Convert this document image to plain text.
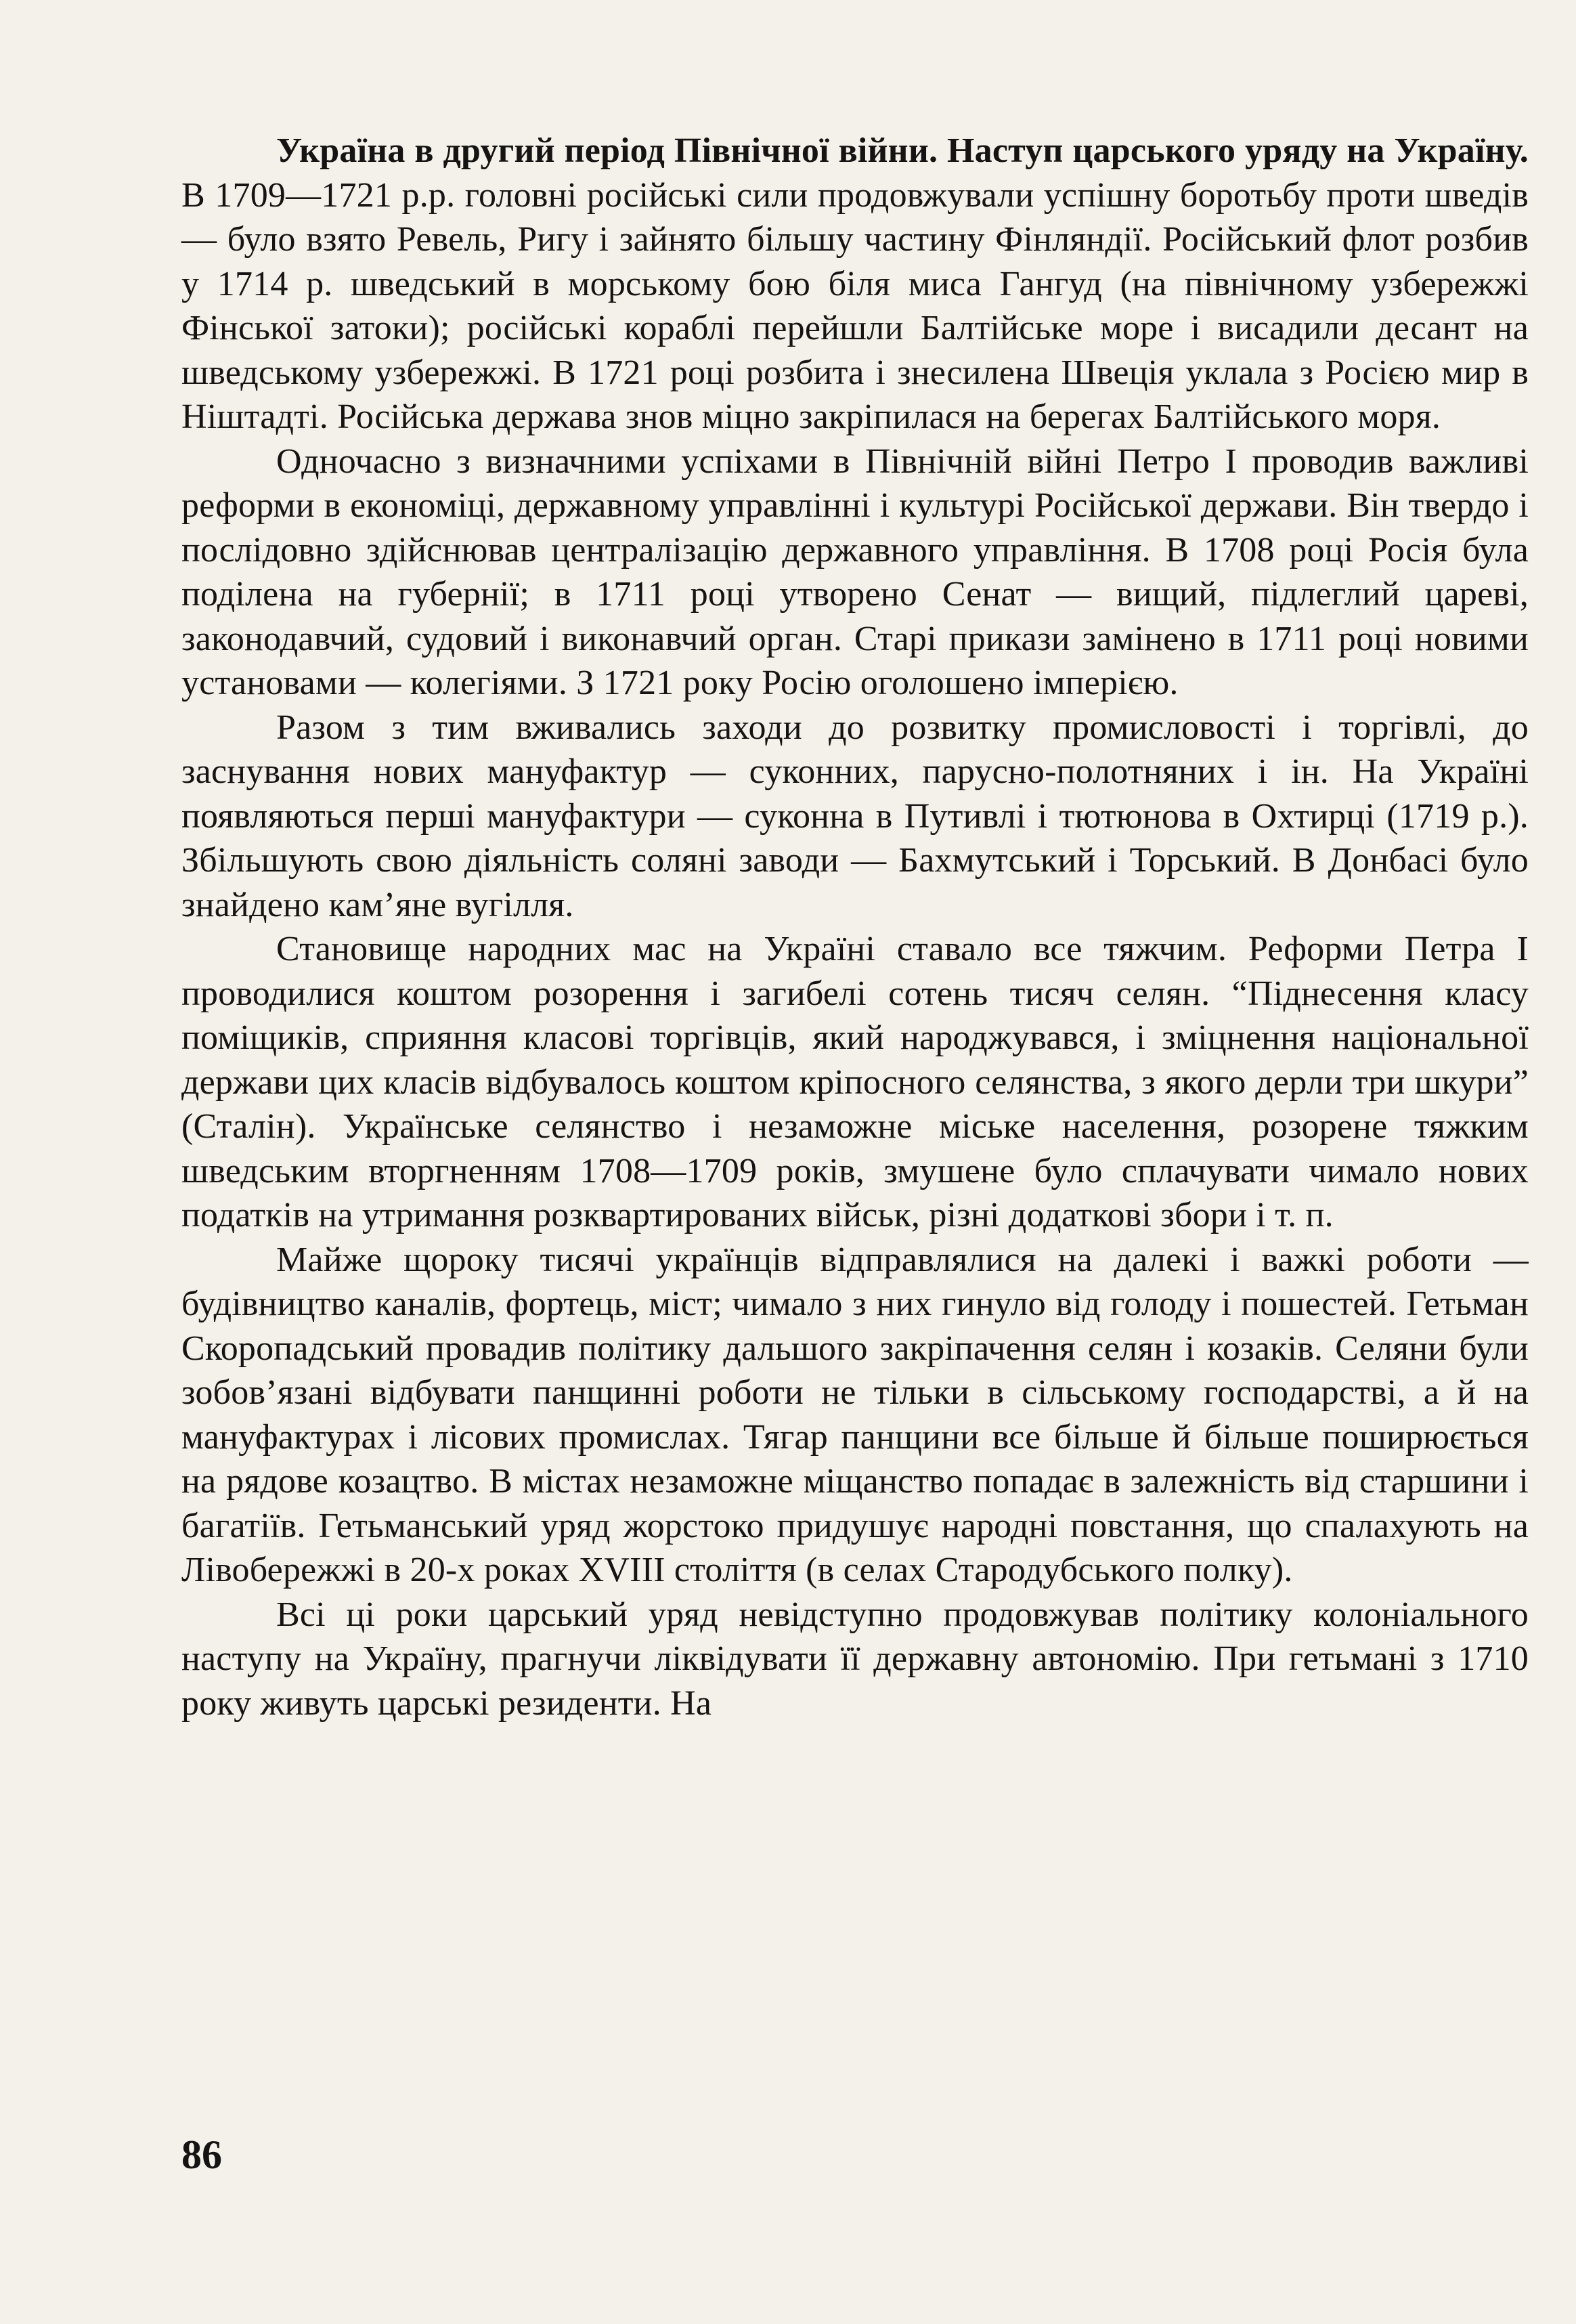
Україна в другий період Північної війни. Наступ царського уряду на Україну. В 1709—1721 р.р. головні російські сили продовжували успішну боротьбу проти шведів — було взято Ревель, Ригу і зайнято більшу частину Фінляндії. Російський флот розбив у 1714 р. шведський в морському бою біля миса Гангуд (на північному узбережжі Фінської затоки); російські кораблі перейшли Балтійське море і висадили десант на шведському узбережжі. В 1721 році розбита і знесилена Швеція уклала з Росією мир в Ніштадті. Російська держава знов міцно закріпилася на берегах Балтійського моря.

Одночасно з визначними успіхами в Північній війні Петро I проводив важливі реформи в економіці, державному управлінні і культурі Російської держави. Він твердо і послідовно здійснював централізацію державного управління. В 1708 році Росія була поділена на губернії; в 1711 році утворено Сенат — вищий, підлеглий цареві, законодавчий, судовий і виконавчий орган. Старі прикази замінено в 1711 році новими установами — колегіями. З 1721 року Росію оголошено імперією.

Разом з тим вживались заходи до розвитку промисловості і торгівлі, до заснування нових мануфактур — суконних, парусно-полотняних і ін. На Україні появляються перші мануфактури — суконна в Путивлі і тютюнова в Охтирці (1719 р.). Збільшують свою діяльність соляні заводи — Бахмутський і Торський. В Донбасі було знайдено кам’яне вугілля.

Становище народних мас на Україні ставало все тяжчим. Реформи Петра I проводилися коштом розорення і загибелі сотень тисяч селян. “Піднесення класу поміщиків, сприяння класові торгівців, який народжувався, і зміцнення національної держави цих класів відбувалось коштом кріпосного селянства, з якого дерли три шкури” (Сталін). Українське селянство і незаможне міське населення, розорене тяжким шведським вторгненням 1708—1709 років, змушене було сплачувати чимало нових податків на утримання розквартированих військ, різні додаткові збори і т. п.

Майже щороку тисячі українців відправлялися на далекі і важкі роботи — будівництво каналів, фортець, міст; чимало з них гинуло від голоду і пошестей. Гетьман Скоропадський провадив політику дальшого закріпачення селян і козаків. Селяни були зобов’язані відбувати панщинні роботи не тільки в сільському господарстві, а й на мануфактурах і лісових промислах. Тягар панщини все більше й більше поширюється на рядове козацтво. В містах незаможне міщанство попадає в залежність від старшини і багатіїв. Гетьманський уряд жорстоко придушує народні повстання, що спалахують на Лівобережжі в 20-х роках XVIII століття (в селах Стародубського полку).

Всі ці роки царський уряд невідступно продовжував політику колоніального наступу на Україну, прагнучи ліквідувати її державну автономію. При гетьмані з 1710 року живуть царські резиденти. На

86
